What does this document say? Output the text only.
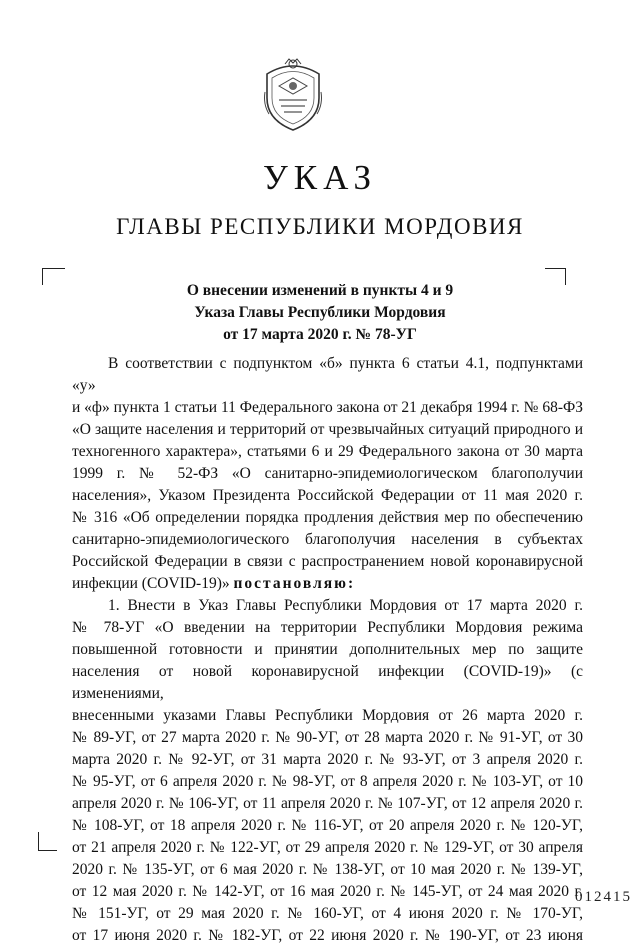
УКАЗ
ГЛАВЫ РЕСПУБЛИКИ МОРДОВИЯ
О внесении изменений в пункты 4 и 9
Указа Главы Республики Мордовия
от 17 марта 2020 г. № 78-УГ

В соответствии с подпунктом «б» пункта 6 статьи 4.1, подпунктами «у»

и «ф» пункта 1 статьи 11 Федерального закона от 21 декабря 1994 г. № 68-ФЗ

«О защите населения и территорий от чрезвычайных ситуаций природного и

техногенного характера», статьями 6 и 29 Федерального закона от 30 марта

1999 г. № 52-ФЗ «О санитарно-эпидемиологическом благополучии

населения», Указом Президента Российской Федерации от 11 мая 2020 г.

№ 316 «Об определении порядка продления действия мер по обеспечению

санитарно-эпидемиологического благополучия населения в субъектах

Российской Федерации в связи с распространением новой коронавирусной

инфекции (COVID-19)» постановляю:

1. Внести в Указ Главы Республики Мордовия от 17 марта 2020 г.

№ 78-УГ «О введении на территории Республики Мордовия режима

повышенной готовности и принятии дополнительных мер по защите

населения от новой коронавирусной инфекции (COVID-19)» (с изменениями,

внесенными указами Главы Республики Мордовия от 26 марта 2020 г.

№ 89-УГ, от 27 марта 2020 г. № 90-УГ, от 28 марта 2020 г. № 91-УГ, от 30

марта 2020 г. № 92-УГ, от 31 марта 2020 г. № 93-УГ, от 3 апреля 2020 г.

№ 95-УГ, от 6 апреля 2020 г. № 98-УГ, от 8 апреля 2020 г. № 103-УГ, от 10

апреля 2020 г. № 106-УГ, от 11 апреля 2020 г. № 107-УГ, от 12 апреля 2020 г.

№ 108-УГ, от 18 апреля 2020 г. № 116-УГ, от 20 апреля 2020 г. № 120-УГ,

от 21 апреля 2020 г. № 122-УГ, от 29 апреля 2020 г. № 129-УГ, от 30 апреля

2020 г. № 135-УГ, от 6 мая 2020 г. № 138-УГ, от 10 мая 2020 г. № 139-УГ,

от 12 мая 2020 г. № 142-УГ, от 16 мая 2020 г. № 145-УГ, от 24 мая 2020 г.

№ 151-УГ, от 29 мая 2020 г. № 160-УГ, от 4 июня 2020 г. № 170-УГ,

от 17 июня 2020 г. № 182-УГ, от 22 июня 2020 г. № 190-УГ, от 23 июня

012415
